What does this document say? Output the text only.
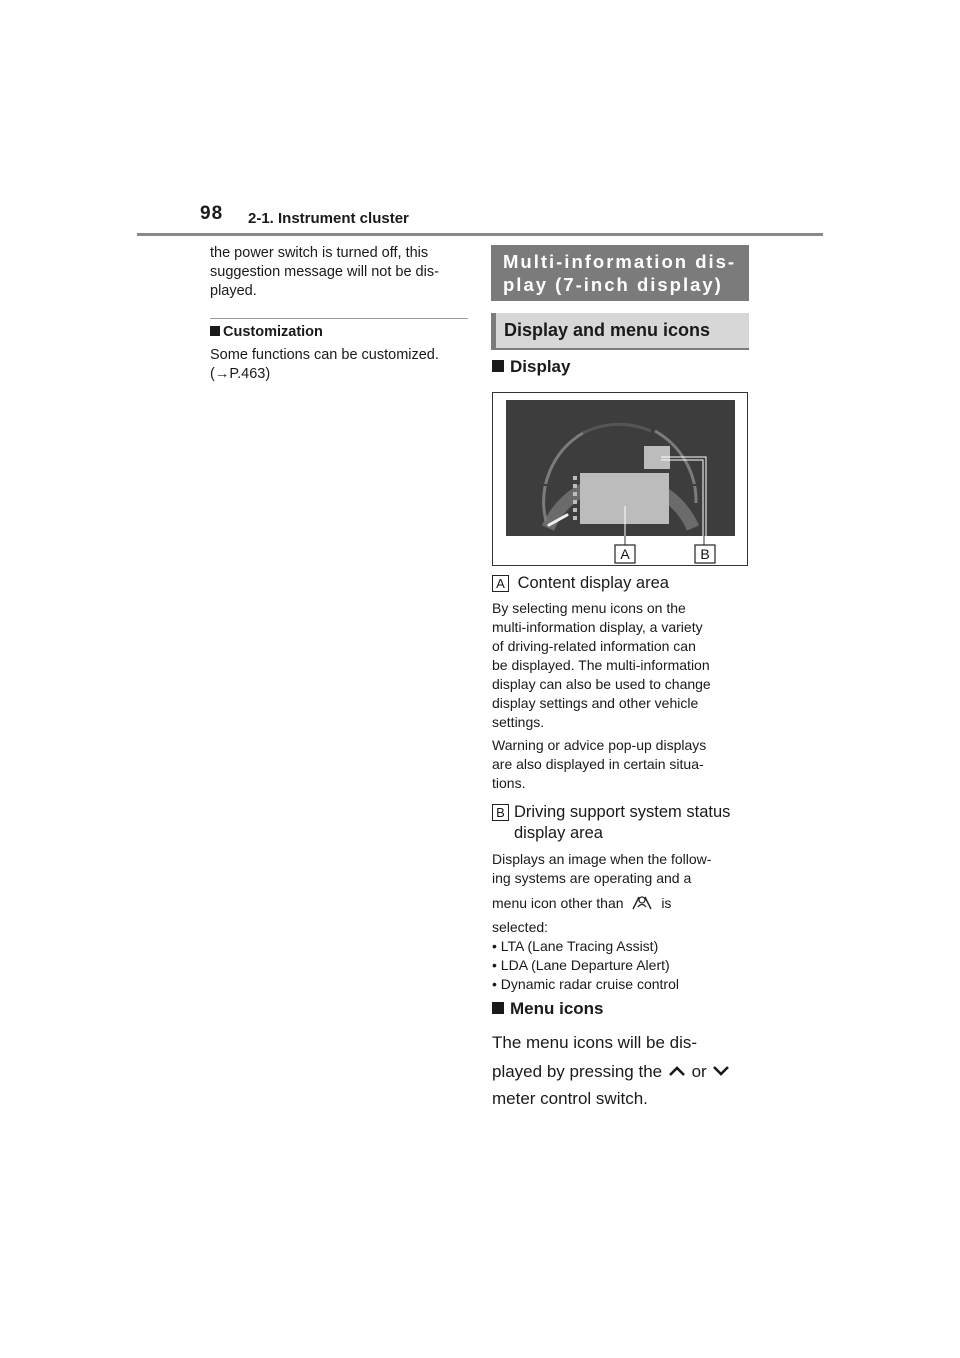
98 2-1. Instrument cluster

the power switch is turned off, this

suggestion message will not be dis-

played.

Customization

Some functions can be customized.

(→P.463)

Multi-information dis-
play (7-inch display)
Display and menu icons
Display
A	B
A Content display area

By selecting menu icons on the

multi-information display, a variety

of driving-related information can

be displayed. The multi-information

display can also be used to change

display settings and other vehicle

settings.

Warning or advice pop-up displays

are also displayed in certain situa-

tions.

B Driving support system status
display area

Displays an image when the follow-

ing systems are operating and a

menu icon other than	is

selected:

• LTA (Lane Tracing Assist)

• LDA (Lane Departure Alert)

• Dynamic radar cruise control

Menu icons
The menu icons will be dis-
played by pressing the or
meter control switch.
